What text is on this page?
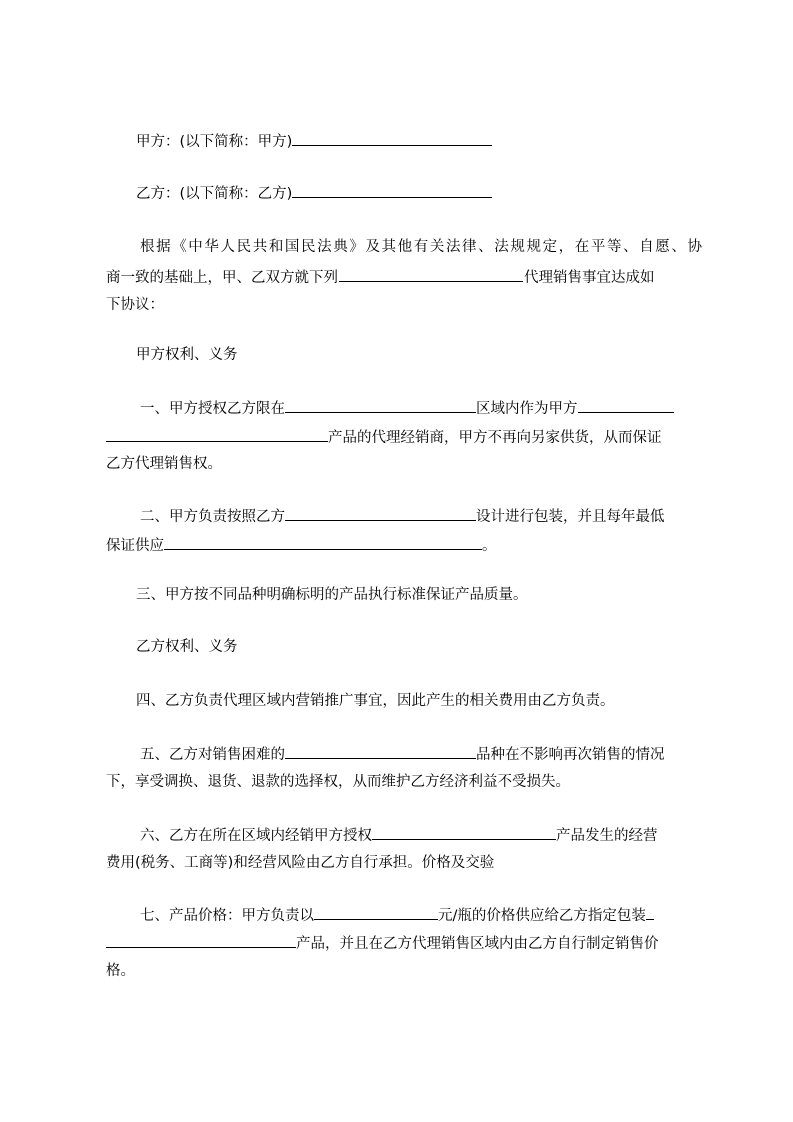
甲方：(以下简称：甲方)
乙方：(以下简称：乙方)
根据《中华人民共和国民法典》及其他有关法律、法规规定，在平等、自愿、协
商一致的基础上，甲、乙双方就下列	代理销售事宜达成如
下协议：
甲方权利、义务
一、甲方授权乙方限在	区域内作为甲方
产品的代理经销商，甲方不再向另家供货，从而保证
乙方代理销售权。
二、甲方负责按照乙方	设计进行包装，并且每年最低
保证供应	。
三、甲方按不同品种明确标明的产品执行标准保证产品质量。
乙方权利、义务
四、乙方负责代理区域内营销推广事宜，因此产生的相关费用由乙方负责。
五、乙方对销售困难的	品种在不影响再次销售的情况
下，享受调换、退货、退款的选择权，从而维护乙方经济利益不受损失。
六、乙方在所在区域内经销甲方授权	产品发生的经营
费用(税务、工商等)和经营风险由乙方自行承担。价格及交验
七、产品价格：甲方负责以	元/瓶的价格供应给乙方指定包装
产品，并且在乙方代理销售区域内由乙方自行制定销售价
格。
